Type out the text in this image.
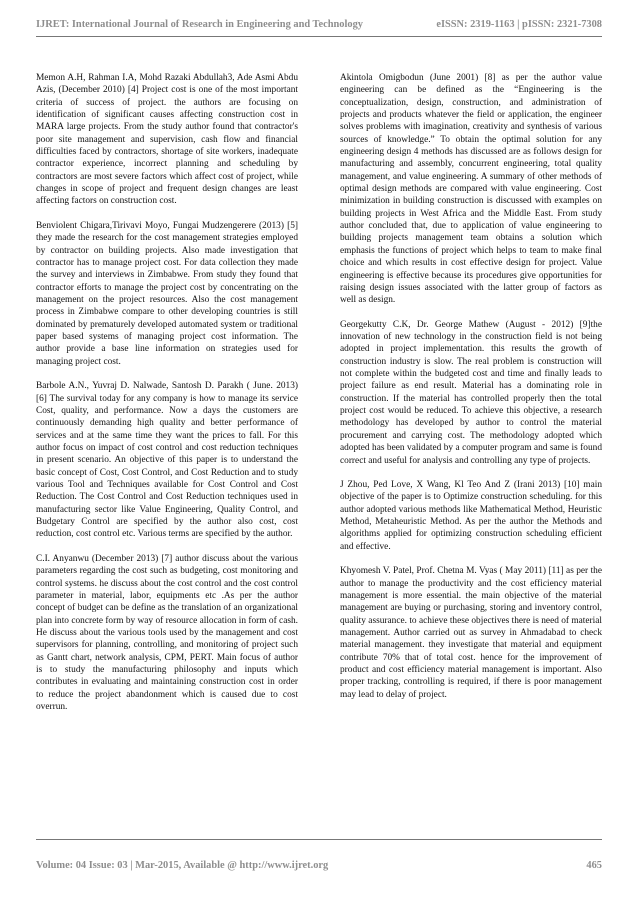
IJRET: International Journal of Research in Engineering and Technology	eISSN: 2319-1163 | pISSN: 2321-7308

Memon A.H, Rahman I.A, Mohd Razaki Abdullah3, Ade Asmi Abdu Azis, (December 2010) [4] Project cost is one of the most important criteria of success of project. the authors are focusing on identification of significant causes affecting construction cost in MARA large projects. From the study author found that contractor's poor site management and supervision, cash flow and financial difficulties faced by contractors, shortage of site workers, inadequate contractor experience, incorrect planning and scheduling by contractors are most severe factors which affect cost of project, while changes in scope of project and frequent design changes are least affecting factors on construction cost.

Benviolent Chigara,Tirivavi Moyo, Fungai Mudzengerere (2013) [5] they made the research for the cost management strategies employed by contractor on building projects. Also made investigation that contractor has to manage project cost. For data collection they made the survey and interviews in Zimbabwe. From study they found that contractor efforts to manage the project cost by concentrating on the management on the project resources. Also the cost management process in Zimbabwe compare to other developing countries is still dominated by prematurely developed automated system or traditional paper based systems of managing project cost information. The author provide a base line information on strategies used for managing project cost.

Barbole A.N., Yuvraj D. Nalwade, Santosh D. Parakh ( June. 2013) [6] The survival today for any company is how to manage its service Cost, quality, and performance. Now a days the customers are continuously demanding high quality and better performance of services and at the same time they want the prices to fall. For this author focus on impact of cost control and cost reduction techniques in present scenario. An objective of this paper is to understand the basic concept of Cost, Cost Control, and Cost Reduction and to study various Tool and Techniques available for Cost Control and Cost Reduction. The Cost Control and Cost Reduction techniques used in manufacturing sector like Value Engineering, Quality Control, and Budgetary Control are specified by the author also cost, cost reduction, cost control etc. Various terms are specified by the author.

C.I. Anyanwu (December 2013) [7] author discuss about the various parameters regarding the cost such as budgeting, cost monitoring and control systems. he discuss about the cost control and the cost control parameter in material, labor, equipments etc .As per the author concept of budget can be define as the translation of an organizational plan into concrete form by way of resource allocation in form of cash. He discuss about the various tools used by the management and cost supervisors for planning, controlling, and monitoring of project such as Gantt chart, network analysis, CPM, PERT. Main focus of author is to study the manufacturing philosophy and inputs which contributes in evaluating and maintaining construction cost in order to reduce the project abandonment which is caused due to cost overrun.

Akintola Omigbodun (June 2001) [8] as per the author value engineering can be defined as the “Engineering is the conceptualization, design, construction, and administration of projects and products whatever the field or application, the engineer solves problems with imagination, creativity and synthesis of various sources of knowledge.” To obtain the optimal solution for any engineering design 4 methods has discussed are as follows design for manufacturing and assembly, concurrent engineering, total quality management, and value engineering. A summary of other methods of optimal design methods are compared with value engineering. Cost minimization in building construction is discussed with examples on building projects in West Africa and the Middle East. From study author concluded that, due to application of value engineering to building projects management team obtains a solution which emphasis the functions of project which helps to team to make final choice and which results in cost effective design for project. Value engineering is effective because its procedures give opportunities for raising design issues associated with the latter group of factors as well as design.

Georgekutty C.K, Dr. George Mathew (August - 2012) [9]the innovation of new technology in the construction field is not being adopted in project implementation. this results the growth of construction industry is slow. The real problem is construction will not complete within the budgeted cost and time and finally leads to project failure as end result. Material has a dominating role in construction. If the material has controlled properly then the total project cost would be reduced. To achieve this objective, a research methodology has developed by author to control the material procurement and carrying cost. The methodology adopted which adopted has been validated by a computer program and same is found correct and useful for analysis and controlling any type of projects.

J Zhou, Ped Love, X Wang, Kl Teo And Z (Irani 2013) [10] main objective of the paper is to Optimize construction scheduling. for this author adopted various methods like Mathematical Method, Heuristic Method, Metaheuristic Method. As per the author the Methods and algorithms applied for optimizing construction scheduling efficient and effective.

Khyomesh V. Patel, Prof. Chetna M. Vyas ( May 2011) [11] as per the author to manage the productivity and the cost efficiency material management is more essential. the main objective of the material management are buying or purchasing, storing and inventory control, quality assurance. to achieve these objectives there is need of material management. Author carried out as survey in Ahmadabad to check material management. they investigate that material and equipment contribute 70% that of total cost. hence for the improvement of product and cost efficiency material management is important. Also proper tracking, controlling is required, if there is poor management may lead to delay of project.

Volume: 04 Issue: 03 | Mar-2015, Available @ http://www.ijret.org	465
